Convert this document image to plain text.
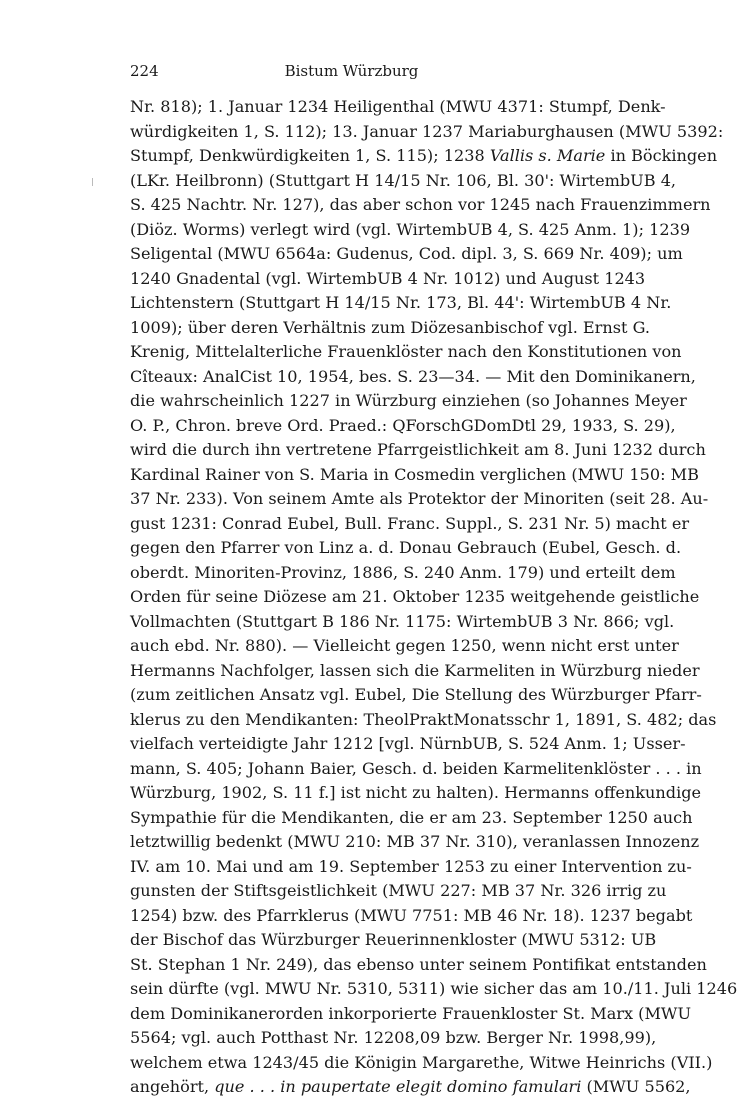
224	Bistum Würzburg
Nr. 818); 1. Januar 1234 Heiligenthal (MWU 4371: Stumpf, Denk-
würdigkeiten 1, S. 112); 13. Januar 1237 Mariaburghausen (MWU 5392:
Stumpf, Denkwürdigkeiten 1, S. 115); 1238 Vallis s. Marie in Böckingen
(LKr. Heilbronn) (Stuttgart H 14/15 Nr. 106, Bl. 30': WirtembUB 4,
S. 425 Nachtr. Nr. 127), das aber schon vor 1245 nach Frauenzimmern
(Diöz. Worms) verlegt wird (vgl. WirtembUB 4, S. 425 Anm. 1); 1239
Seligental (MWU 6564a: Gudenus, Cod. dipl. 3, S. 669 Nr. 409); um
1240 Gnadental (vgl. WirtembUB 4 Nr. 1012) und August 1243
Lichtenstern (Stuttgart H 14/15 Nr. 173, Bl. 44': WirtembUB 4 Nr.
1009); über deren Verhältnis zum Diözesanbischof vgl. Ernst G.
Krenig, Mittelalterliche Frauenklöster nach den Konstitutionen von
Cîteaux: AnalCist 10, 1954, bes. S. 23—34. — Mit den Dominikanern,
die wahrscheinlich 1227 in Würzburg einziehen (so Johannes Meyer
O. P., Chron. breve Ord. Praed.: QForschGDomDtl 29, 1933, S. 29),
wird die durch ihn vertretene Pfarrgeistlichkeit am 8. Juni 1232 durch
Kardinal Rainer von S. Maria in Cosmedin verglichen (MWU 150: MB
37 Nr. 233). Von seinem Amte als Protektor der Minoriten (seit 28. Au-
gust 1231: Conrad Eubel, Bull. Franc. Suppl., S. 231 Nr. 5) macht er
gegen den Pfarrer von Linz a. d. Donau Gebrauch (Eubel, Gesch. d.
oberdt. Minoriten-Provinz, 1886, S. 240 Anm. 179) und erteilt dem
Orden für seine Diözese am 21. Oktober 1235 weitgehende geistliche
Vollmachten (Stuttgart B 186 Nr. 1175: WirtembUB 3 Nr. 866; vgl.
auch ebd. Nr. 880). — Vielleicht gegen 1250, wenn nicht erst unter
Hermanns Nachfolger, lassen sich die Karmeliten in Würzburg nieder
(zum zeitlichen Ansatz vgl. Eubel, Die Stellung des Würzburger Pfarr-
klerus zu den Mendikanten: TheolPraktMonatsschr 1, 1891, S. 482; das
vielfach verteidigte Jahr 1212 [vgl. NürnbUB, S. 524 Anm. 1; Usser-
mann, S. 405; Johann Baier, Gesch. d. beiden Karmelitenklöster . . . in
Würzburg, 1902, S. 11 f.] ist nicht zu halten). Hermanns offenkundige
Sympathie für die Mendikanten, die er am 23. September 1250 auch
letztwillig bedenkt (MWU 210: MB 37 Nr. 310), veranlassen Innozenz
IV. am 10. Mai und am 19. September 1253 zu einer Intervention zu-
gunsten der Stiftsgeistlichkeit (MWU 227: MB 37 Nr. 326 irrig zu
1254) bzw. des Pfarrklerus (MWU 7751: MB 46 Nr. 18). 1237 begabt
der Bischof das Würzburger Reuerinnenkloster (MWU 5312: UB
St. Stephan 1 Nr. 249), das ebenso unter seinem Pontifikat entstanden
sein dürfte (vgl. MWU Nr. 5310, 5311) wie sicher das am 10./11. Juli 1246
dem Dominikanerorden inkorporierte Frauenkloster St. Marx (MWU
5564; vgl. auch Potthast Nr. 12208,09 bzw. Berger Nr. 1998,99),
welchem etwa 1243/45 die Königin Margarethe, Witwe Heinrichs (VII.)
angehört, que . . . in paupertate elegit domino famulari (MWU 5562,
